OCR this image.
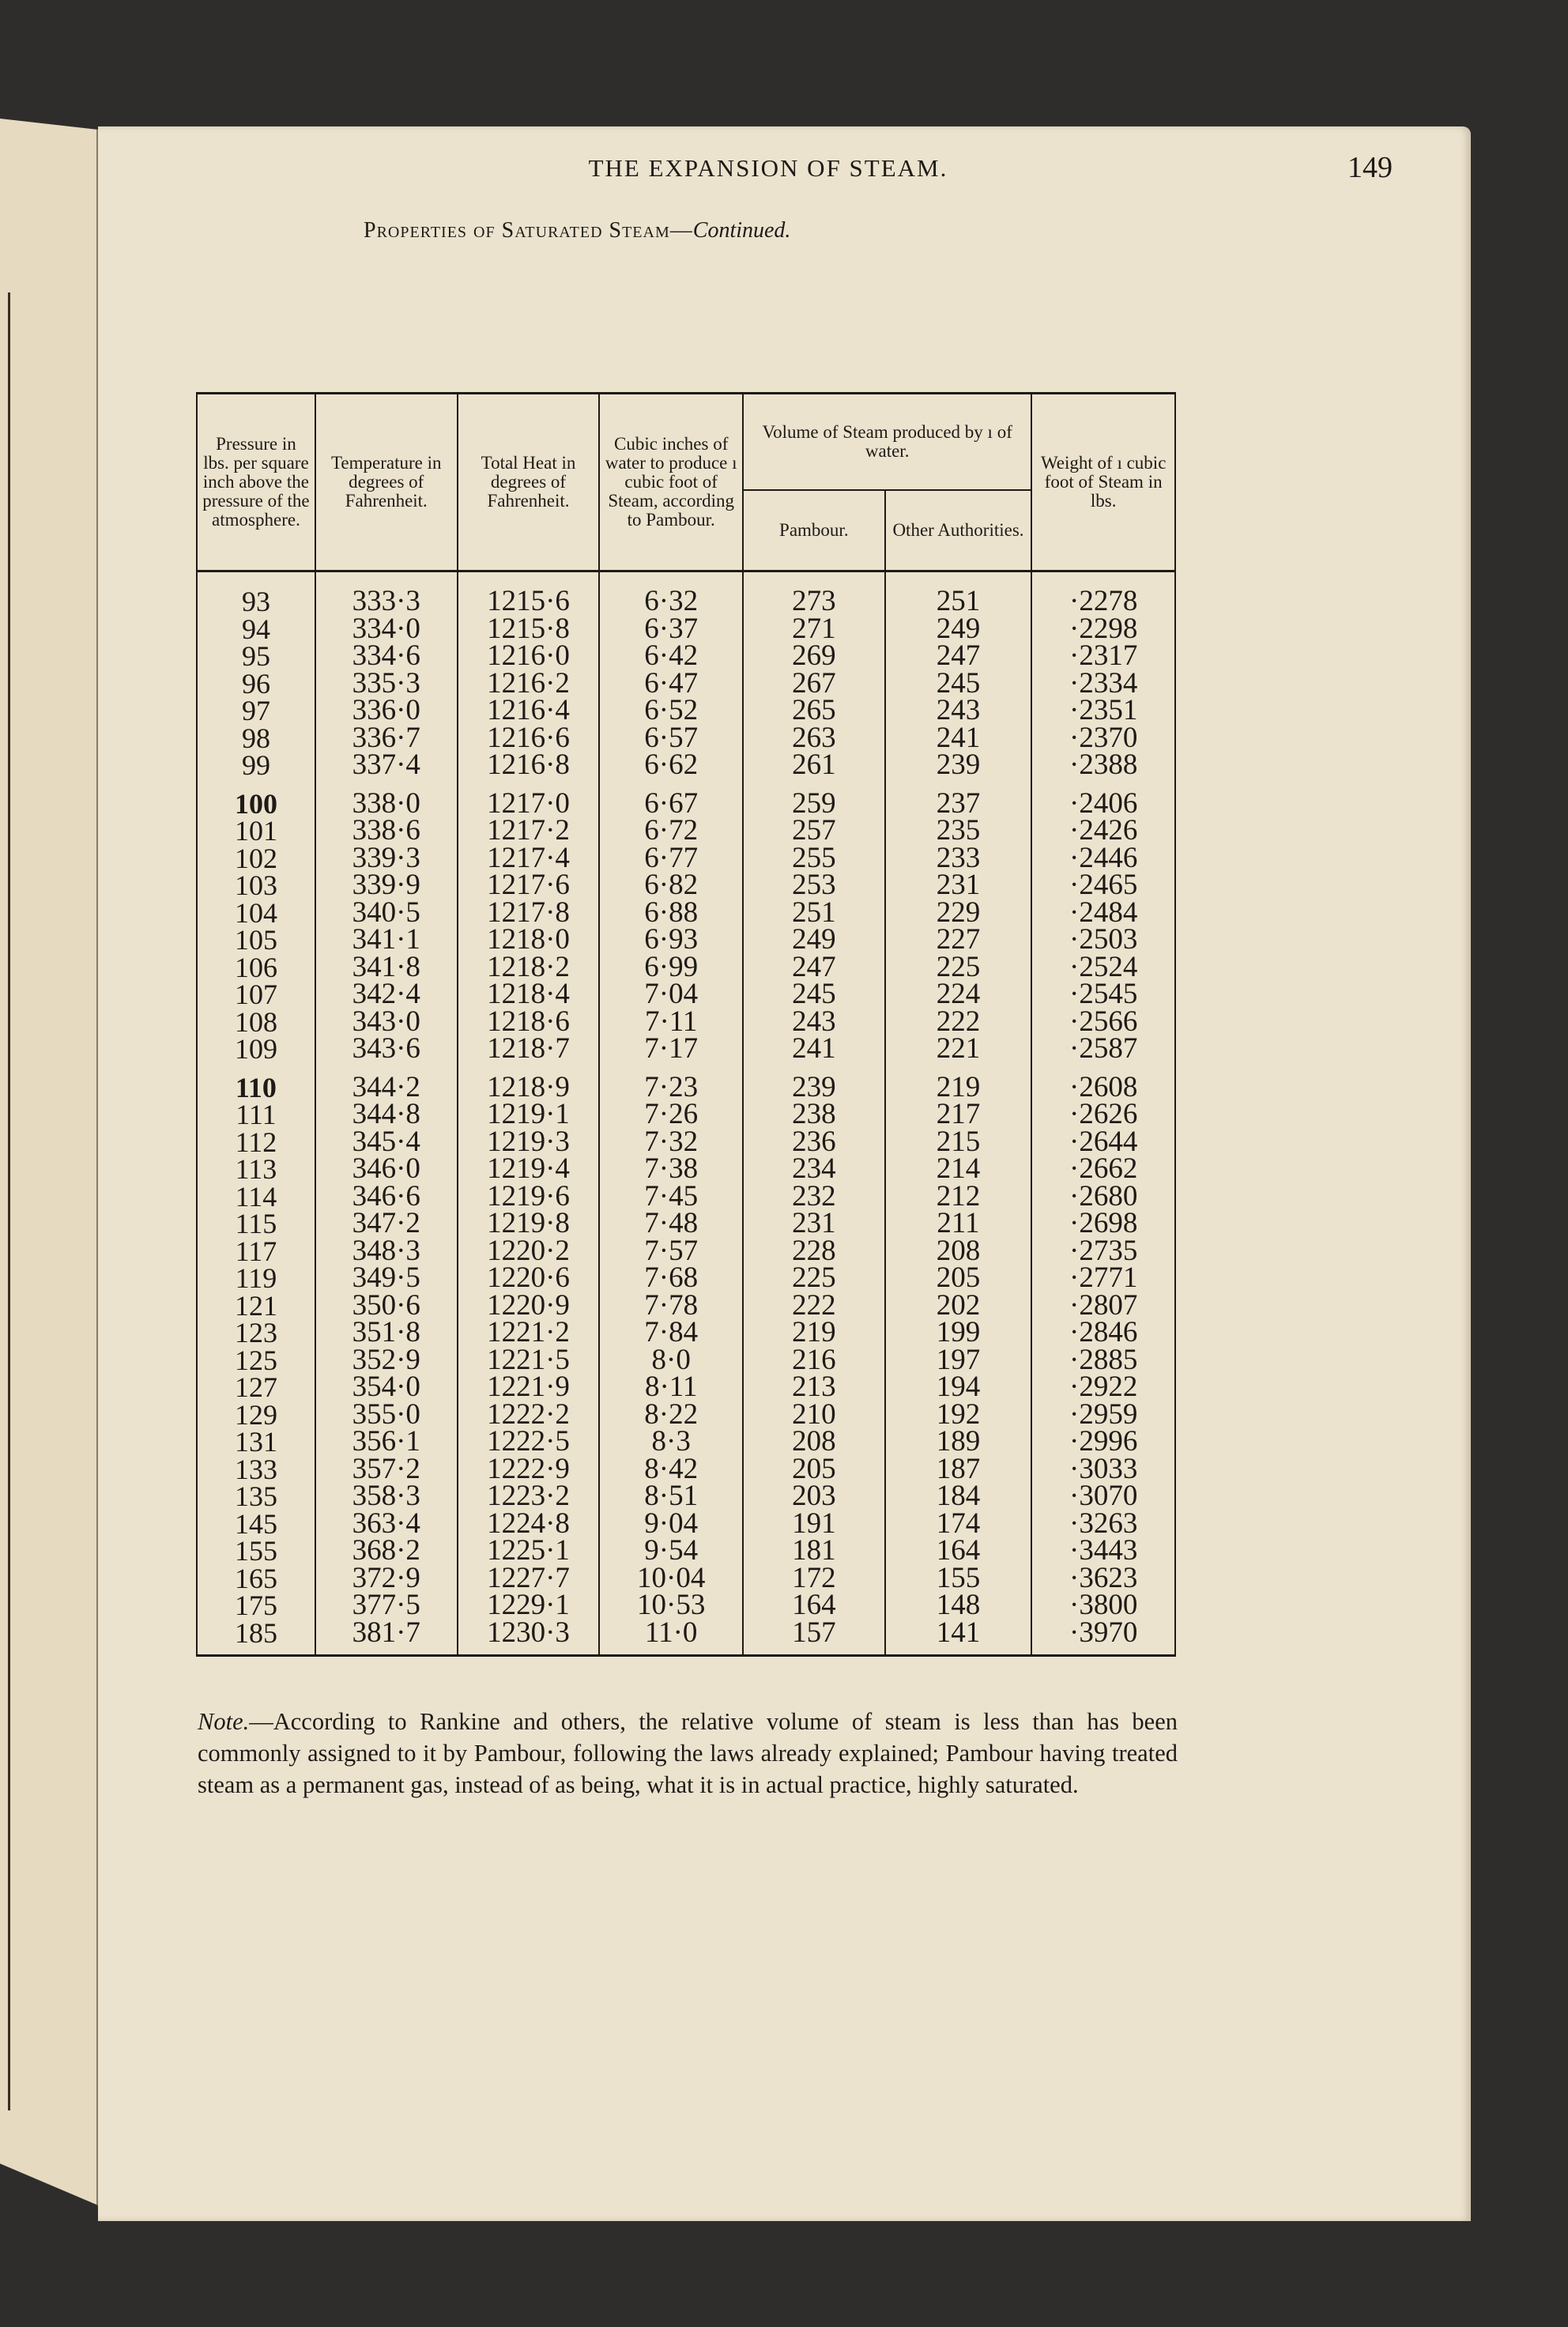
THE EXPANSION OF STEAM.	149
Properties of Saturated Steam—Continued.
Pressure in lbs. per square inch above the pressure of the atmosphere.	Temperature in degrees of Fahrenheit.	Total Heat in degrees of Fahrenheit.	Cubic inches of water to produce ı cubic foot of Steam, according to Pambour.	Volume of Steam produced by ı of water.		Weight of ı cubic foot of Steam in lbs.
				Pambour.	Other Authorities.	

93	333·3	1215·6	6·32	273	251	·2278
94	334·0	1215·8	6·37	271	249	·2298
95	334·6	1216·0	6·42	269	247	·2317
96	335·3	1216·2	6·47	267	245	·2334
97	336·0	1216·4	6·52	265	243	·2351
98	336·7	1216·6	6·57	263	241	·2370
99	337·4	1216·8	6·62	261	239	·2388
100	338·0	1217·0	6·67	259	237	·2406
101	338·6	1217·2	6·72	257	235	·2426
102	339·3	1217·4	6·77	255	233	·2446
103	339·9	1217·6	6·82	253	231	·2465
104	340·5	1217·8	6·88	251	229	·2484
105	341·1	1218·0	6·93	249	227	·2503
106	341·8	1218·2	6·99	247	225	·2524
107	342·4	1218·4	7·04	245	224	·2545
108	343·0	1218·6	7·11	243	222	·2566
109	343·6	1218·7	7·17	241	221	·2587
110	344·2	1218·9	7·23	239	219	·2608
111	344·8	1219·1	7·26	238	217	·2626
112	345·4	1219·3	7·32	236	215	·2644
113	346·0	1219·4	7·38	234	214	·2662
114	346·6	1219·6	7·45	232	212	·2680
115	347·2	1219·8	7·48	231	211	·2698
117	348·3	1220·2	7·57	228	208	·2735
119	349·5	1220·6	7·68	225	205	·2771
121	350·6	1220·9	7·78	222	202	·2807
123	351·8	1221·2	7·84	219	199	·2846
125	352·9	1221·5	8·0	216	197	·2885
127	354·0	1221·9	8·11	213	194	·2922
129	355·0	1222·2	8·22	210	192	·2959
131	356·1	1222·5	8·3	208	189	·2996
133	357·2	1222·9	8·42	205	187	·3033
135	358·3	1223·2	8·51	203	184	·3070
145	363·4	1224·8	9·04	191	174	·3263
155	368·2	1225·1	9·54	181	164	·3443
165	372·9	1227·7	10·04	172	155	·3623
175	377·5	1229·1	10·53	164	148	·3800
185	381·7	1230·3	11·0	157	141	·3970
Note.—According to Rankine and others, the relative volume of steam is less than has been commonly assigned to it by Pambour, following the laws already explained; Pambour having treated steam as a permanent gas, instead of as being, what it is in actual practice, highly saturated.
